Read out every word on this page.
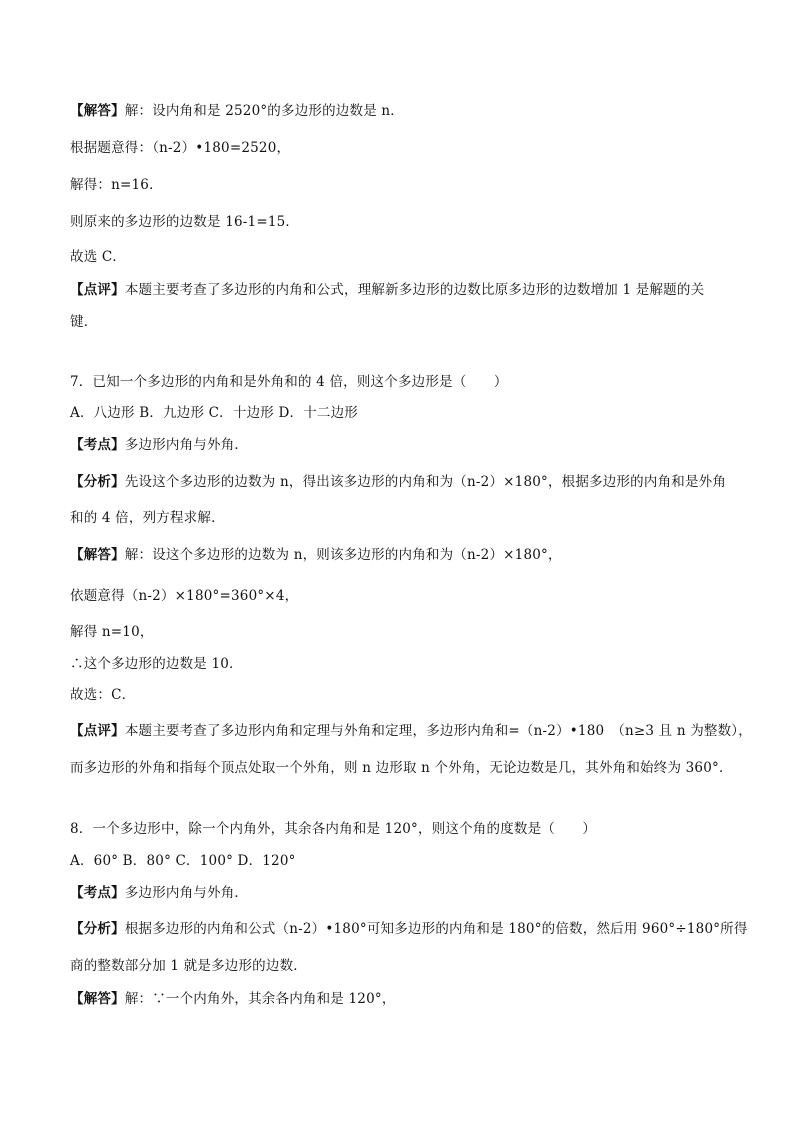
【解答】解：设内角和是 2520°的多边形的边数是 n．
根据题意得：（n-2）•180=2520，
解得：n=16．
则原来的多边形的边数是 16-1=15．
故选 C．
【点评】本题主要考查了多边形的内角和公式，理解新多边形的边数比原多边形的边数增加 1 是解题的关
键．
7．已知一个多边形的内角和是外角和的 4 倍，则这个多边形是（　　）
A．八边形 B．九边形 C．十边形 D．十二边形
【考点】多边形内角与外角．
【分析】先设这个多边形的边数为 n，得出该多边形的内角和为（n-2）×180°，根据多边形的内角和是外角
和的 4 倍，列方程求解．
【解答】解：设这个多边形的边数为 n，则该多边形的内角和为（n-2）×180°，
依题意得（n-2）×180°=360°×4，
解得 n=10，
∴这个多边形的边数是 10．
故选：C．
【点评】本题主要考查了多边形内角和定理与外角和定理，多边形内角和=（n-2）•180　（n≥3 且 n 为整数），
而多边形的外角和指每个顶点处取一个外角，则 n 边形取 n 个外角，无论边数是几，其外角和始终为 360°．
8．一个多边形中，除一个内角外，其余各内角和是 120°，则这个角的度数是（　　）
A．60° B．80° C．100° D．120°
【考点】多边形内角与外角．
【分析】根据多边形的内角和公式（n-2）•180°可知多边形的内角和是 180°的倍数，然后用 960°÷180°所得
商的整数部分加 1 就是多边形的边数．
【解答】解：∵一个内角外，其余各内角和是 120°，
